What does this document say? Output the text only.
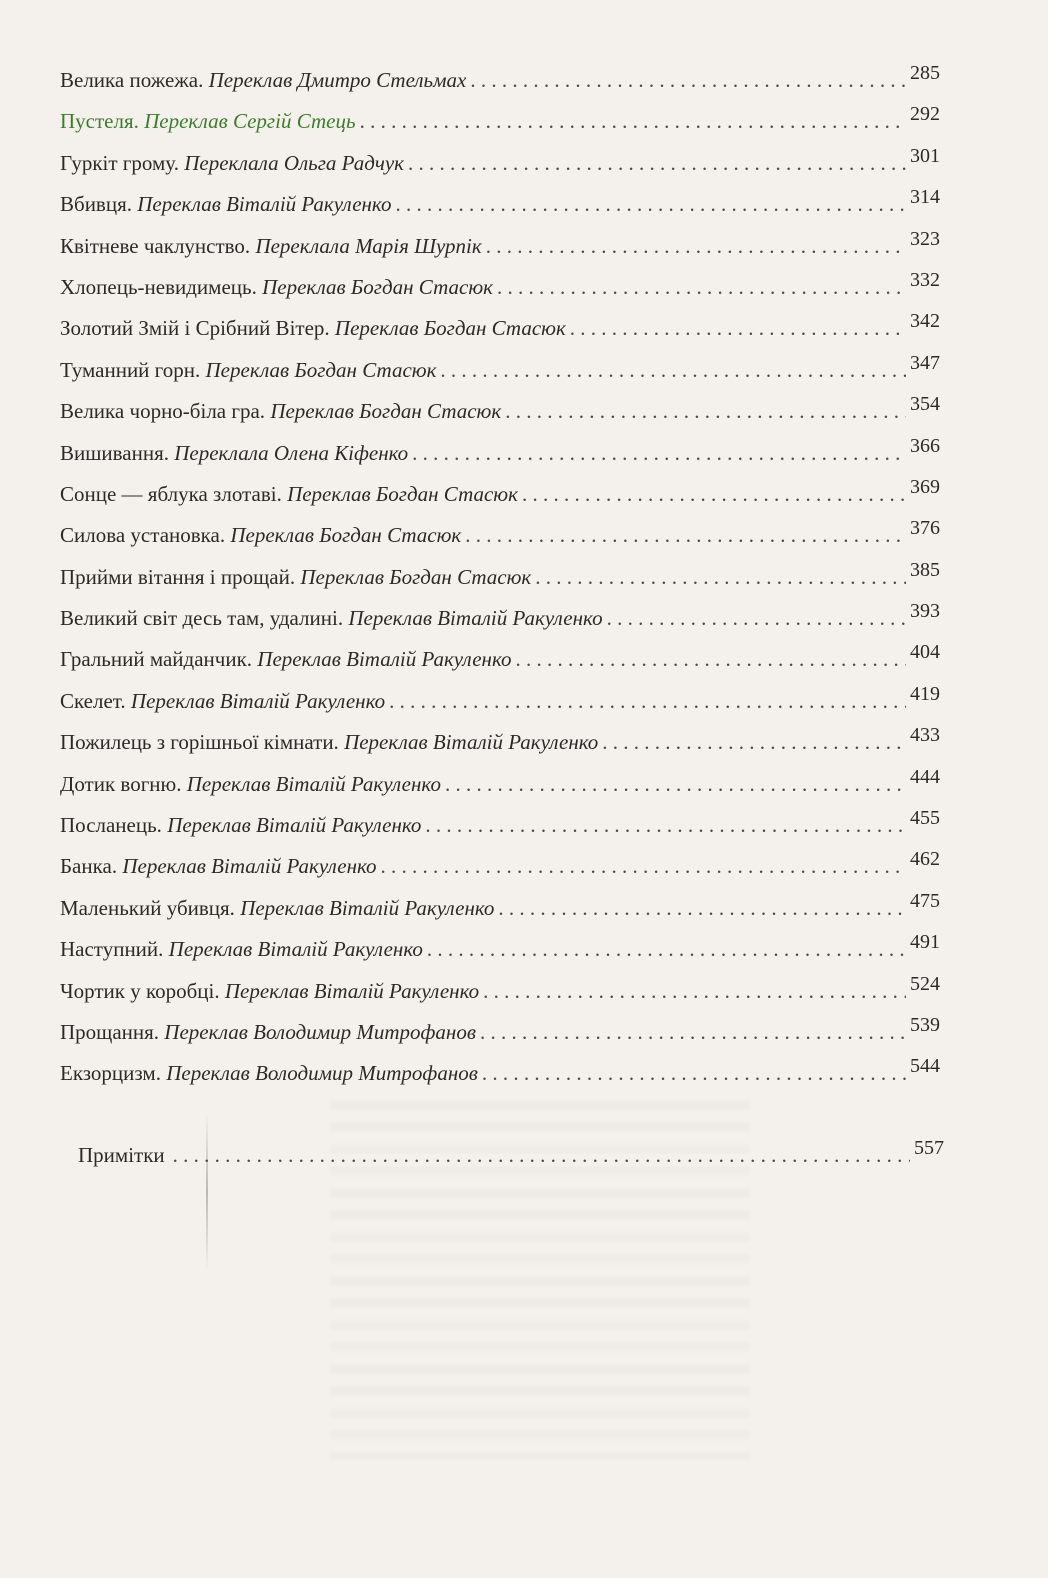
Велика пожежа. Переклав Дмитро Стельмах . . .	285
Пустеля. Переклав Сергій Стець . . .	292
Гуркіт грому. Переклала Ольга Радчук . . .	301
Вбивця. Переклав Віталій Ракуленко . . .	314
Квітневе чаклунство. Переклала Марія Шурпік . . .	323
Хлопець-невидимець. Переклав Богдан Стасюк . . .	332
Золотий Змій і Срібний Вітер. Переклав Богдан Стасюк . . .	342
Туманний горн. Переклав Богдан Стасюк . . .	347
Велика чорно-біла гра. Переклав Богдан Стасюк . . .	354
Вишивання. Переклала Олена Кіфенко . . .	366
Сонце — яблука злотаві. Переклав Богдан Стасюк . . .	369
Силова установка. Переклав Богдан Стасюк . . .	376
Прийми вітання і прощай. Переклав Богдан Стасюк . . .	385
Великий світ десь там, удалині. Переклав Віталій Ракуленко . . .	393
Гральний майданчик. Переклав Віталій Ракуленко . . .	404
Скелет. Переклав Віталій Ракуленко . . .	419
Пожилець з горішньої кімнати. Переклав Віталій Ракуленко . . .	433
Дотик вогню. Переклав Віталій Ракуленко . . .	444
Посланець. Переклав Віталій Ракуленко . . .	455
Банка. Переклав Віталій Ракуленко . . .	462
Маленький убивця. Переклав Віталій Ракуленко . . .	475
Наступний. Переклав Віталій Ракуленко . . .	491
Чортик у коробці. Переклав Віталій Ракуленко . . .	524
Прощання. Переклав Володимир Митрофанов . . .	539
Екзорцизм. Переклав Володимир Митрофанов . . .	544
Примітки . . .	557
